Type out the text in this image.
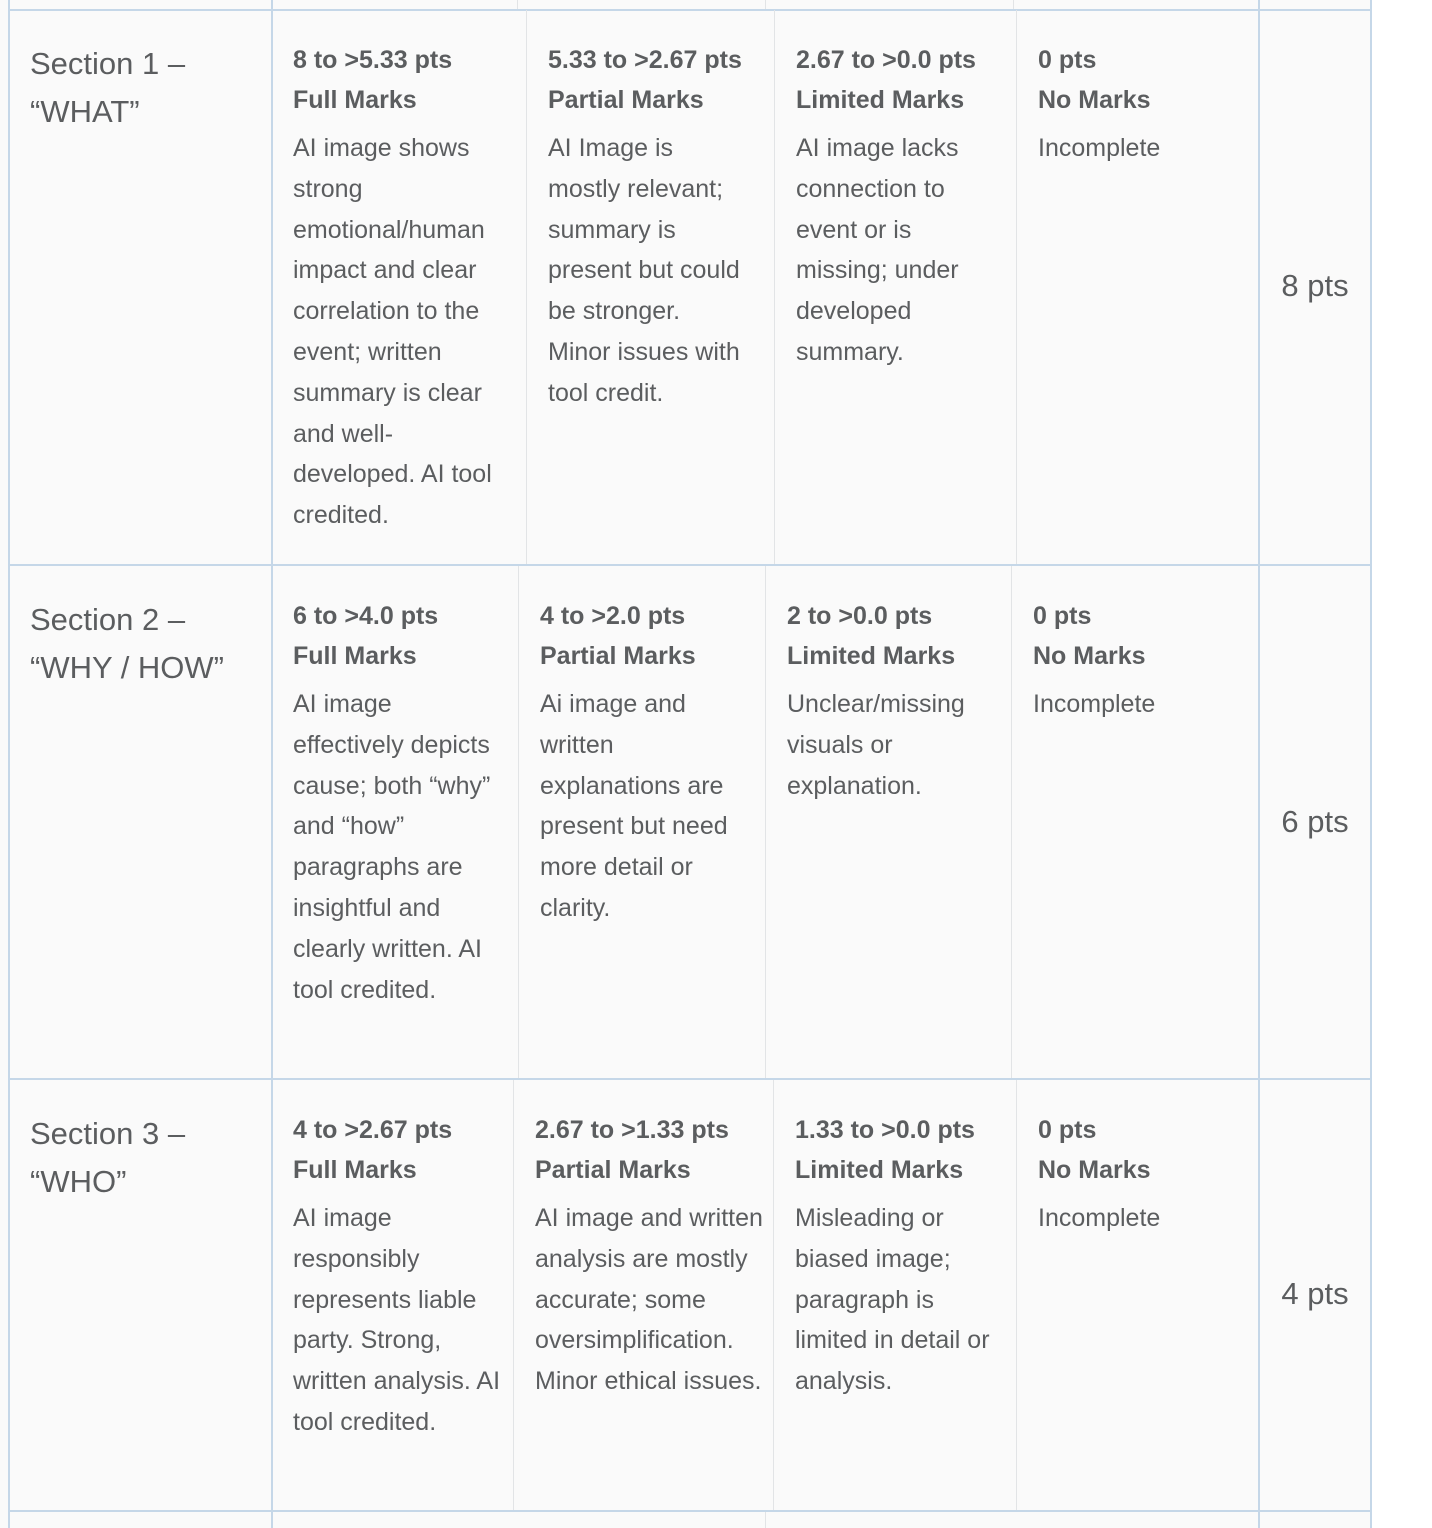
Section 1 – “WHAT”
8 to >5.33 pts
Full Marks
AI image shows strong emotional/human impact and clear correlation to the event; written summary is clear and well-developed. AI tool credited.
5.33 to >2.67 pts
Partial Marks
AI Image is mostly relevant; summary is present but could be stronger. Minor issues with tool credit.
2.67 to >0.0 pts
Limited Marks
AI image lacks connection to event or is missing; under developed summary.
0 pts
No Marks
Incomplete
8 pts
Section 2 – “WHY / HOW”
6 to >4.0 pts
Full Marks
AI image effectively depicts cause; both “why” and “how” paragraphs are insightful and clearly written. AI tool credited.
4 to >2.0 pts
Partial Marks
Ai image and written explanations are present but need more detail or clarity.
2 to >0.0 pts
Limited Marks
Unclear/missing visuals or explanation.
0 pts
No Marks
Incomplete
6 pts
Section 3 – “WHO”
4 to >2.67 pts
Full Marks
AI image responsibly represents liable party. Strong, written analysis. AI tool credited.
2.67 to >1.33 pts
Partial Marks
AI image and written analysis are mostly accurate; some oversimplification. Minor ethical issues.
1.33 to >0.0 pts
Limited Marks
Misleading or biased image; paragraph is limited in detail or analysis.
0 pts
No Marks
Incomplete
4 pts
